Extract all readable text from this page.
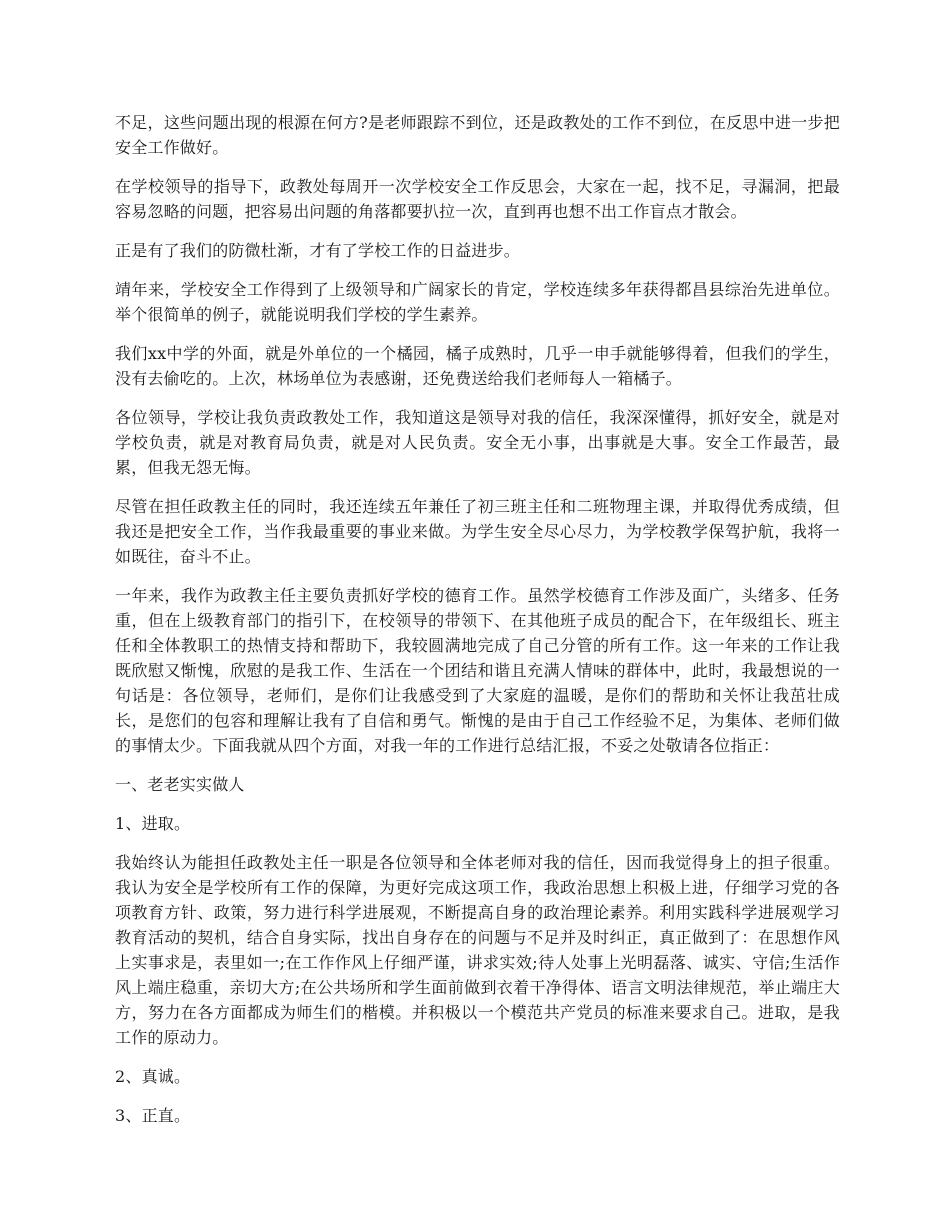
不足，这些问题出现的根源在何方?是老师跟踪不到位，还是政教处的工作不到位，在反思中进一步把安全工作做好。

在学校领导的指导下，政教处每周开一次学校安全工作反思会，大家在一起，找不足，寻漏洞，把最容易忽略的问题，把容易出问题的角落都要扒拉一次，直到再也想不出工作盲点才散会。

正是有了我们的防微杜渐，才有了学校工作的日益进步。

靖年来，学校安全工作得到了上级领导和广阔家长的肯定，学校连续多年获得都昌县综治先进单位。举个很简单的例子，就能说明我们学校的学生素养。

我们xx中学的外面，就是外单位的一个橘园，橘子成熟时，几乎一申手就能够得着，但我们的学生，没有去偷吃的。上次，林场单位为表感谢，还免费送给我们老师每人一箱橘子。

各位领导，学校让我负责政教处工作，我知道这是领导对我的信任，我深深懂得，抓好安全，就是对学校负责，就是对教育局负责，就是对人民负责。安全无小事，出事就是大事。安全工作最苦，最累，但我无怨无悔。

尽管在担任政教主任的同时，我还连续五年兼任了初三班主任和二班物理主课，并取得优秀成绩，但我还是把安全工作，当作我最重要的事业来做。为学生安全尽心尽力，为学校教学保驾护航，我将一如既往，奋斗不止。

一年来，我作为政教主任主要负责抓好学校的德育工作。虽然学校德育工作涉及面广，头绪多、任务重，但在上级教育部门的指引下，在校领导的带领下、在其他班子成员的配合下，在年级组长、班主任和全体教职工的热情支持和帮助下，我较圆满地完成了自己分管的所有工作。这一年来的工作让我既欣慰又惭愧，欣慰的是我工作、生活在一个团结和谐且充满人情味的群体中，此时，我最想说的一句话是：各位领导，老师们，是你们让我感受到了大家庭的温暖，是你们的帮助和关怀让我茁壮成长，是您们的包容和理解让我有了自信和勇气。惭愧的是由于自己工作经验不足，为集体、老师们做的事情太少。下面我就从四个方面，对我一年的工作进行总结汇报，不妥之处敬请各位指正：

一、老老实实做人

1、进取。

我始终认为能担任政教处主任一职是各位领导和全体老师对我的信任，因而我觉得身上的担子很重。我认为安全是学校所有工作的保障，为更好完成这项工作，我政治思想上积极上进，仔细学习党的各项教育方针、政策，努力进行科学进展观，不断提高自身的政治理论素养。利用实践科学进展观学习教育活动的契机，结合自身实际，找出自身存在的问题与不足并及时纠正，真正做到了：在思想作风上实事求是，表里如一;在工作作风上仔细严谨，讲求实效;待人处事上光明磊落、诚实、守信;生活作风上端庄稳重，亲切大方;在公共场所和学生面前做到衣着干净得体、语言文明法律规范，举止端庄大方，努力在各方面都成为师生们的楷模。并积极以一个模范共产党员的标准来要求自己。进取，是我工作的原动力。

2、真诚。

3、正直。
